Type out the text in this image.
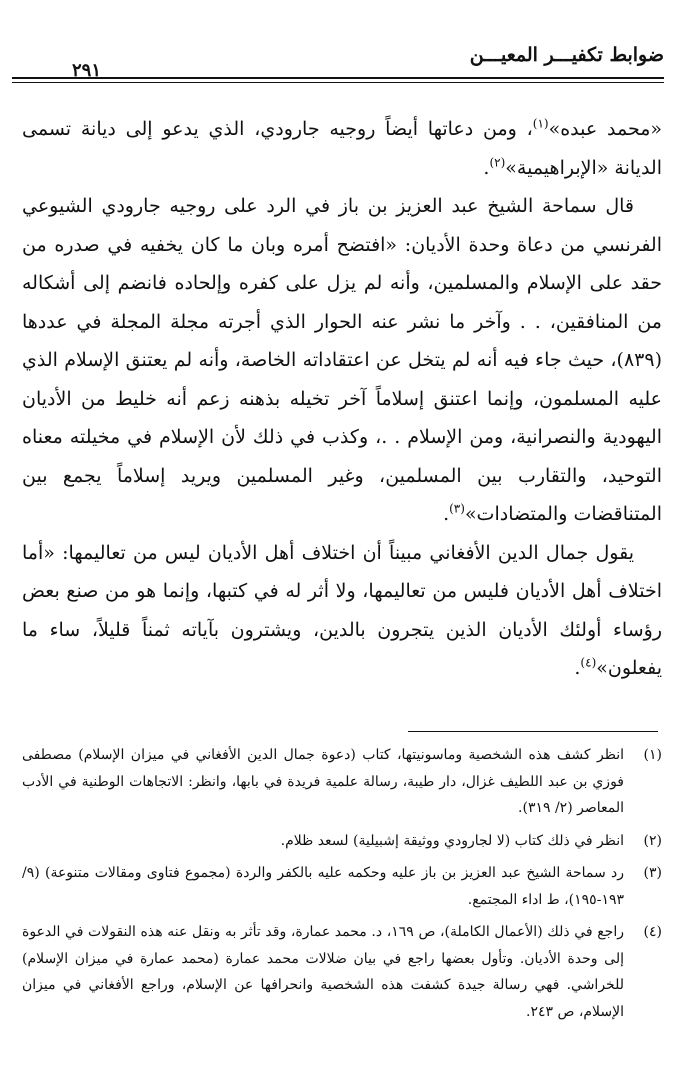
ضوابط تكفيـــر المعيـــن
٢٩١

«محمد عبده»$^{(١)}$، ومن دعاتها أيضاً روجيه جارودي، الذي يدعو إلى ديانة تسمى الديانة «الإبراهيمية»$^{(٢)}$.

قال سماحة الشيخ عبد العزيز بن باز في الرد على روجيه جارودي الشيوعي الفرنسي من دعاة وحدة الأديان: «افتضح أمره وبان ما كان يخفيه في صدره من حقد على الإسلام والمسلمين، وأنه لم يزل على كفره وإلحاده فانضم إلى أشكاله من المنافقين، . . وآخر ما نشر عنه الحوار الذي أجرته مجلة المجلة في عددها (٨٣٩)، حيث جاء فيه أنه لم يتخل عن اعتقاداته الخاصة، وأنه لم يعتنق الإسلام الذي عليه المسلمون، وإنما اعتنق إسلاماً آخر تخيله بذهنه زعم أنه خليط من الأديان اليهودية والنصرانية، ومن الإسلام . .، وكذب في ذلك لأن الإسلام في مخيلته معناه التوحيد، والتقارب بين المسلمين، وغير المسلمين ويريد إسلاماً يجمع بين المتناقضات والمتضادات»$^{(٣)}$.

يقول جمال الدين الأفغاني مبيناً أن اختلاف أهل الأديان ليس من تعاليمها: «أما اختلاف أهل الأديان فليس من تعاليمها، ولا أثر له في كتبها، وإنما هو من صنع بعض رؤساء أولئك الأديان الذين يتجرون بالدين، ويشترون بآياته ثمناً قليلاً، ساء ما يفعلون»$^{(٤)}$.

(١)
انظر كشف هذه الشخصية وماسونيتها، كتاب (دعوة جمال الدين الأفغاني في ميزان الإسلام) مصطفى فوزي بن عبد اللطيف غزال، دار طيبة، رسالة علمية فريدة في بابها، وانظر: الاتجاهات الوطنية في الأدب المعاصر (٢/ ٣١٩).
(٢)
انظر في ذلك كتاب (لا لجارودي ووثيقة إشبيلية) لسعد ظلام.
(٣)
رد سماحة الشيخ عبد العزيز بن باز عليه وحكمه عليه بالكفر والردة (مجموع فتاوى ومقالات متنوعة) (٩/ ١٩٣-١٩٥)، ط اداء المجتمع.
(٤)
راجع في ذلك (الأعمال الكاملة)، ص ١٦٩، د. محمد عمارة، وقد تأثر به ونقل عنه هذه النقولات في الدعوة إلى وحدة الأديان. وتأول بعضها راجع في بيان ضلالات محمد عمارة (محمد عمارة في ميزان الإسلام) للخراشي. فهي رسالة جيدة كشفت هذه الشخصية وانحرافها عن الإسلام، وراجع الأفغاني في ميزان الإسلام، ص ٢٤٣.
